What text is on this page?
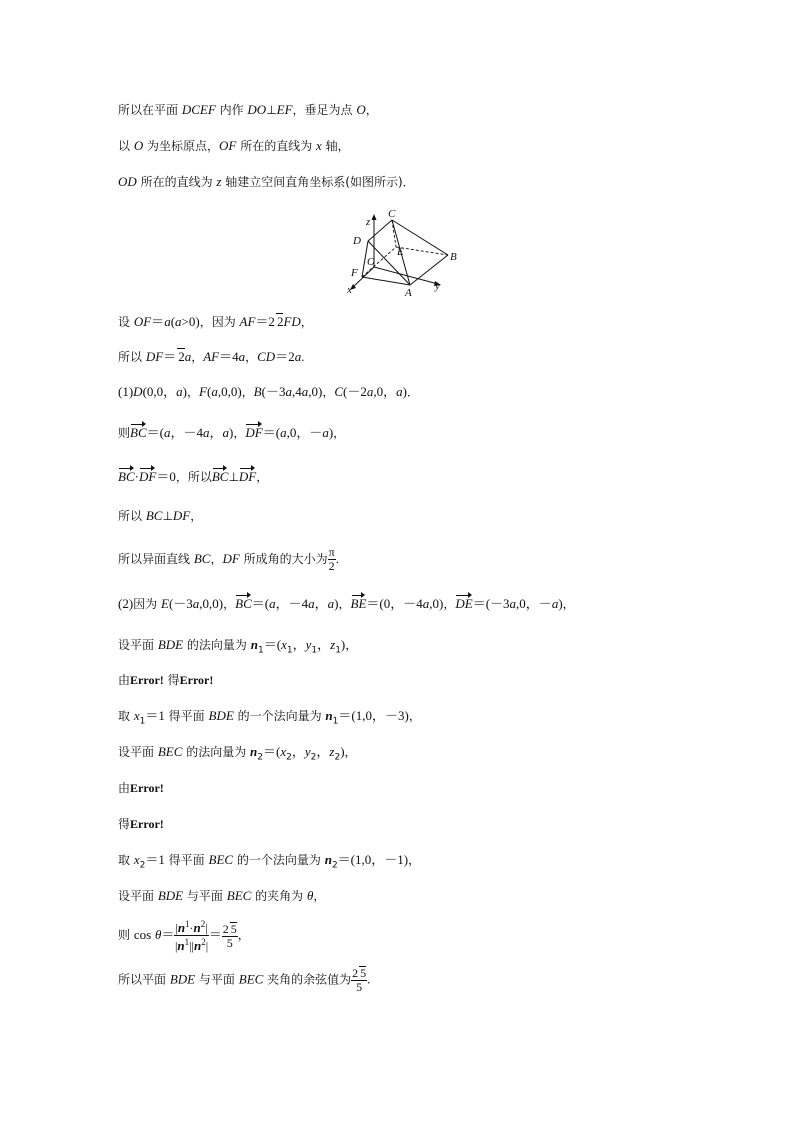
所以在平面 DCEF 内作 DO⊥EF，垂足为点 O，
以 O 为坐标原点，OF 所在的直线为 x 轴，
OD 所在的直线为 z 轴建立空间直角坐标系(如图所示)．
z
C
D
E	B
O
F
x	A
y
设 OF＝a(a>0)，因为 AF＝2 2FD，
所以 DF＝ 2a，AF＝4a，CD＝2a.
(1)D(0,0，a)，F(a,0,0)，B(－3a,4a,0)，C(－2a,0，a)．
则BC＝(a，－4a，a)，DF＝(a,0，－a)，
BC·DF＝0，所以BC⊥DF，
所以 BC⊥DF，
所以异面直线 BC，DF 所成角的大小为 $\frac{\pi}{2}$ .
(2)因为 E(－3a,0,0)，BC＝(a，－4a，a)，BE＝(0，－4a,0)，DE＝(－3a,0，－a)，
设平面 BDE 的法向量为 $n_1=(x_1$，$y_1$，$z_1$)，
由Error! 得Error!
取 $x_1=1$ 得平面 BDE 的一个法向量为 $n_1=(1,0$，－3)，
设平面 BEC 的法向量为 $n_2=(x_2$，$y_2$，$z_2$)，
由Error!
得Error!
取 $x_2=1$ 得平面 BEC 的一个法向量为 $n_2=(1,0$，－1)，
设平面 BDE 与平面 BEC 的夹角为 θ，
则 $\cos \theta= \frac{|n^1\cdot n^2|}{|n^1||n^2|} = \frac{2 5}{5}$ ，
所以平面 BDE 与平面 BEC 夹角的余弦值为 $\frac{2 5}{5}$ .
